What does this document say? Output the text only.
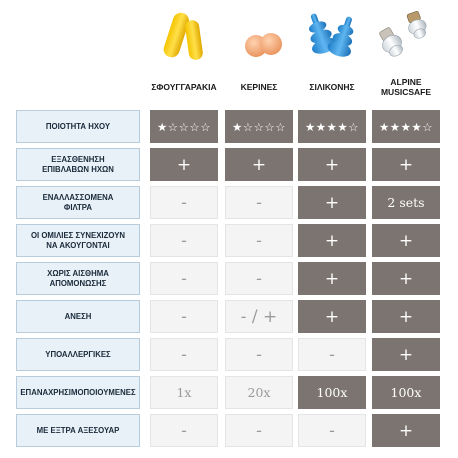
ΣΦΟΥΓΓΑΡΑΚΙΑ	ΚΕΡΙΝΕΣ	ΣΙΛΙΚΟΝΗΣ	ALPINE
MUSICSAFE
ΠΟΙΟΤΗΤΑ ΗΧΟΥ	★☆☆☆☆ ★☆☆☆☆ ★★★★☆ ★★★★☆
ΕΞΑΣΘΕΝΗΣΗ
ΕΠΙΒΛΑΒΩΝ ΗΧΩΝ	+	+	+	+
ΕΝΑΛΛΑΣΣΟΜΕΝΑ
ΦΙΛΤΡΑ	-	-	+	2 sets
ΟΙ ΟΜΙΛΙΕΣ ΣΥΝΕΧΙΖΟΥΝ
ΝΑ ΑΚΟΥΓΟΝΤΑΙ	-	-	+	+
ΧΩΡΙΣ ΑΙΣΘΗΜΑ
ΑΠΟΜΟΝΩΣΗΣ	-	-	+	+
ΑΝΕΣΗ	-	- / +	+	+
ΥΠΟΑΛΛΕΡΓΙΚΕΣ	-	-	-	+
ΕΠΑΝΑΧΡΗΣΙΜΟΠΟΙΟΥΜΕΝΕΣ	1x	20x	100x	100x
ΜΕ ΕΞΤΡΑ ΑΞΕΣΟΥΑΡ	-	-	-	+
